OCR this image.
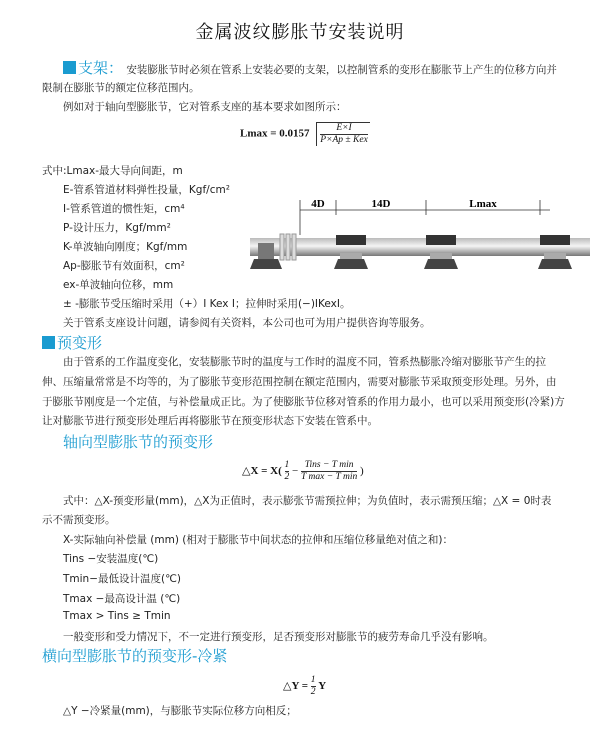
金属波纹膨胀节安装说明
支架： 安装膨胀节时必须在管系上安装必要的支架，以控制管系的变形在膨胀节上产生的位移方向并
限制在膨胀节的额定位移范围内。
例如对于轴向型膨胀节，它对管系支座的基本要求如图所示：
$Lmax = 0.0157 \frac{E\times I}{\text{P×Ap ± Kex}}$
式中:Lmax-最大导向间距，m
E-管系管道材料弹性投量，Kgf/cm²
I-管系管道的惯性矩，cm⁴
P-设计压力，Kgf/mm²
K-单波轴向刚度；Kgf/mm
Ap-膨胀节有效面积，cm²
ex-单波轴向位移，mm
± -膨胀节受压缩时采用（+）I Kex I；拉伸时采用(−)IKexI。
关于管系支座设计问题，请参阅有关资料，本公司也可为用户提供咨询等服务。
4D	14D	Lmax
预变形
由于管系的工作温度变化，安装膨胀节时的温度与工作时的温度不同，管系热膨胀冷缩对膨胀节产生的拉
伸、压缩量常常是不均等的，为了膨胀节变形范围控制在额定范围内，需要对膨胀节采取预变形处理。另外，由
于膨胀节刚度是一个定值，与补偿量成正比。为了使膨胀节位移对管系的作用力最小，也可以采用预变形(冷紧)方
让对膨胀节进行预变形处理后再将膨胀节在预变形状态下安装在管系中。
轴向型膨胀节的预变形
△X = $X( \frac{1}{2} - \frac{\text{Tins − T min}}{\text{T max − T min}}$ )
式中：△X-预变形量(mm)，△X为正值时，表示膨张节需预拉伸；为负值时，表示需预压缩；△X = 0时表
示不需预变形。
X-实际轴向补偿量 (mm) (相对于膨胀节中间状态的拉伸和压缩位移量绝对值之和)：
Tins −安装温度(℃)
Tmin−最低设计温度(℃)
Tmax −最高设计温 (℃)
Tmax > Tins ≥ Tmin
一般变形和受力情况下，不一定进行预变形，足否预变形对膨胀节的疲劳寿命几乎没有影响。
横向型膨胀节的预变形-冷紧
△Y = $\frac{1}{2}$ Y
△Y −冷紧量(mm)，与膨胀节实际位移方向相反；
